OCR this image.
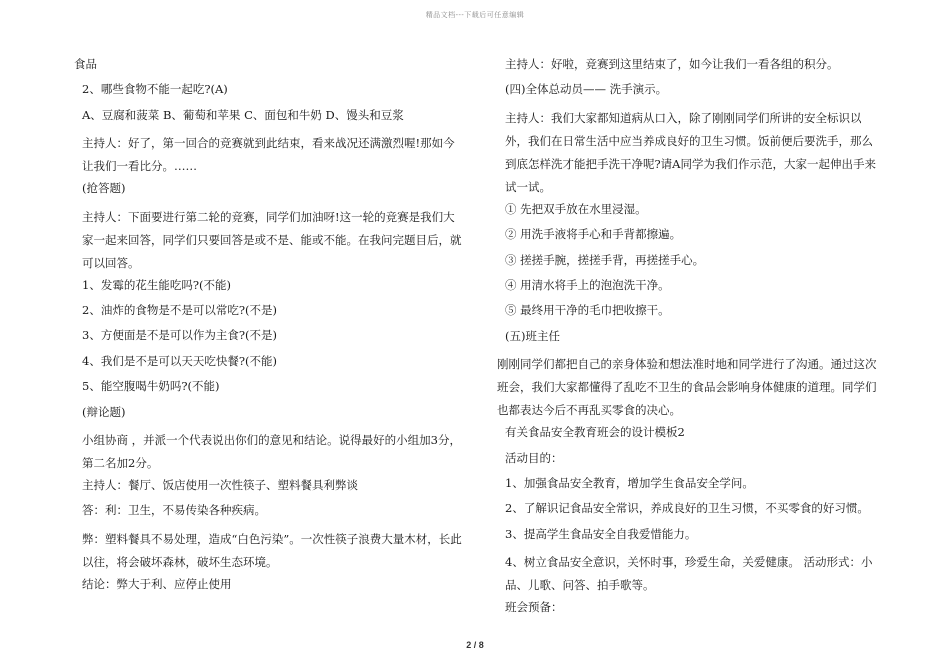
精品文档---下载后可任意编辑
食品
2、哪些食物不能一起吃?(A)
A、豆腐和菠菜 B、葡萄和苹果 C、面包和牛奶 D、馒头和豆浆
主持人：好了，第一回合的竞赛就到此结束，看来战况还满激烈喔!那如今让我们一看比分。……
(抢答题)
主持人：下面要进行第二轮的竞赛，同学们加油呀!这一轮的竞赛是我们大家一起来回答，同学们只要回答是或不是、能或不能。在我问完题目后，就可以回答。
1、发霉的花生能吃吗?(不能)
2、油炸的食物是不是可以常吃?(不是)
3、方便面是不是可以作为主食?(不是)
4、我们是不是可以天天吃快餐?(不能)
5、能空腹喝牛奶吗?(不能)
(辩论题)
小组协商 ，并派一个代表说出你们的意见和结论。说得最好的小组加3分，第二名加2分。
主持人：餐厅、饭店使用一次性筷子、塑料餐具利弊谈
答：利：卫生，不易传染各种疾病。
弊：塑料餐具不易处理，造成“白色污染”。一次性筷子浪费大量木材，长此以往，将会破坏森林，破坏生态环境。
结论：弊大于利、应停止使用
主持人：好啦，竞赛到这里结束了，如今让我们一看各组的积分。
(四)全体总动员—— 洗手演示。
主持人：我们大家都知道病从口入，除了刚刚同学们所讲的安全标识以外，我们在日常生活中应当养成良好的卫生习惯。饭前便后要洗手，那么到底怎样洗才能把手洗干净呢?请A同学为我们作示范，大家一起伸出手来试一试。
① 先把双手放在水里浸湿。
② 用洗手液将手心和手背都擦遍。
③ 搓搓手腕，搓搓手背，再搓搓手心。
④ 用清水将手上的泡泡洗干净。
⑤ 最终用干净的毛巾把收擦干。
(五)班主任
刚刚同学们都把自己的亲身体验和想法准时地和同学进行了沟通。通过这次班会，我们大家都懂得了乱吃不卫生的食品会影响身体健康的道理。同学们也都表达今后不再乱买零食的决心。
有关食品安全教育班会的设计模板2
活动目的：
1、加强食品安全教育，增加学生食品安全学问。
2、了解识记食品安全常识，养成良好的卫生习惯，不买零食的好习惯。
3、提高学生食品安全自我爱惜能力。
4、树立食品安全意识，关怀时事，珍爱生命，关爱健康。 活动形式：小品、儿歌、问答、拍手歌等。
班会预备：
2 / 8
